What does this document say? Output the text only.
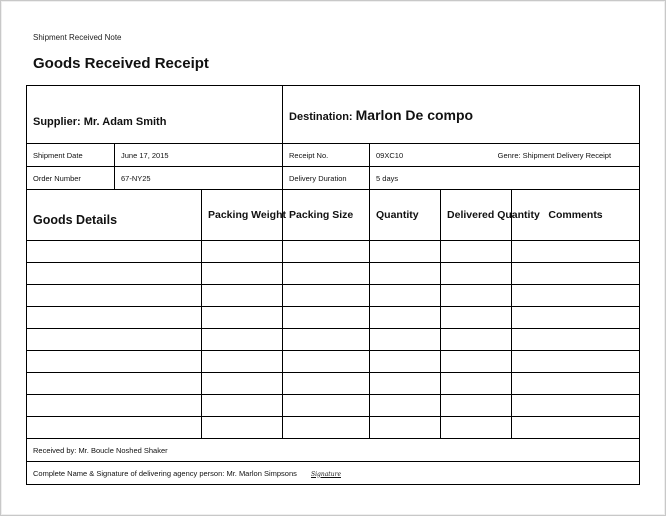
Shipment Received Note
Goods Received Receipt
Supplier: Mr. Adam Smith			Destination: Marlon De compo			
Shipment Date	June 17, 2015		Receipt No.	09XC10 Genre: Shipment Delivery Receipt		

Order Number	67-NY25		Delivery Duration	5 days		
Goods Details		Packing Weight	Packing Size	Quantity	Delivered Quantity	Comments

Received by: Mr. Boucle Noshed Shaker						
Complete Name & Signature of delivering agency person: Mr. Marlon Simpsons Signature						
